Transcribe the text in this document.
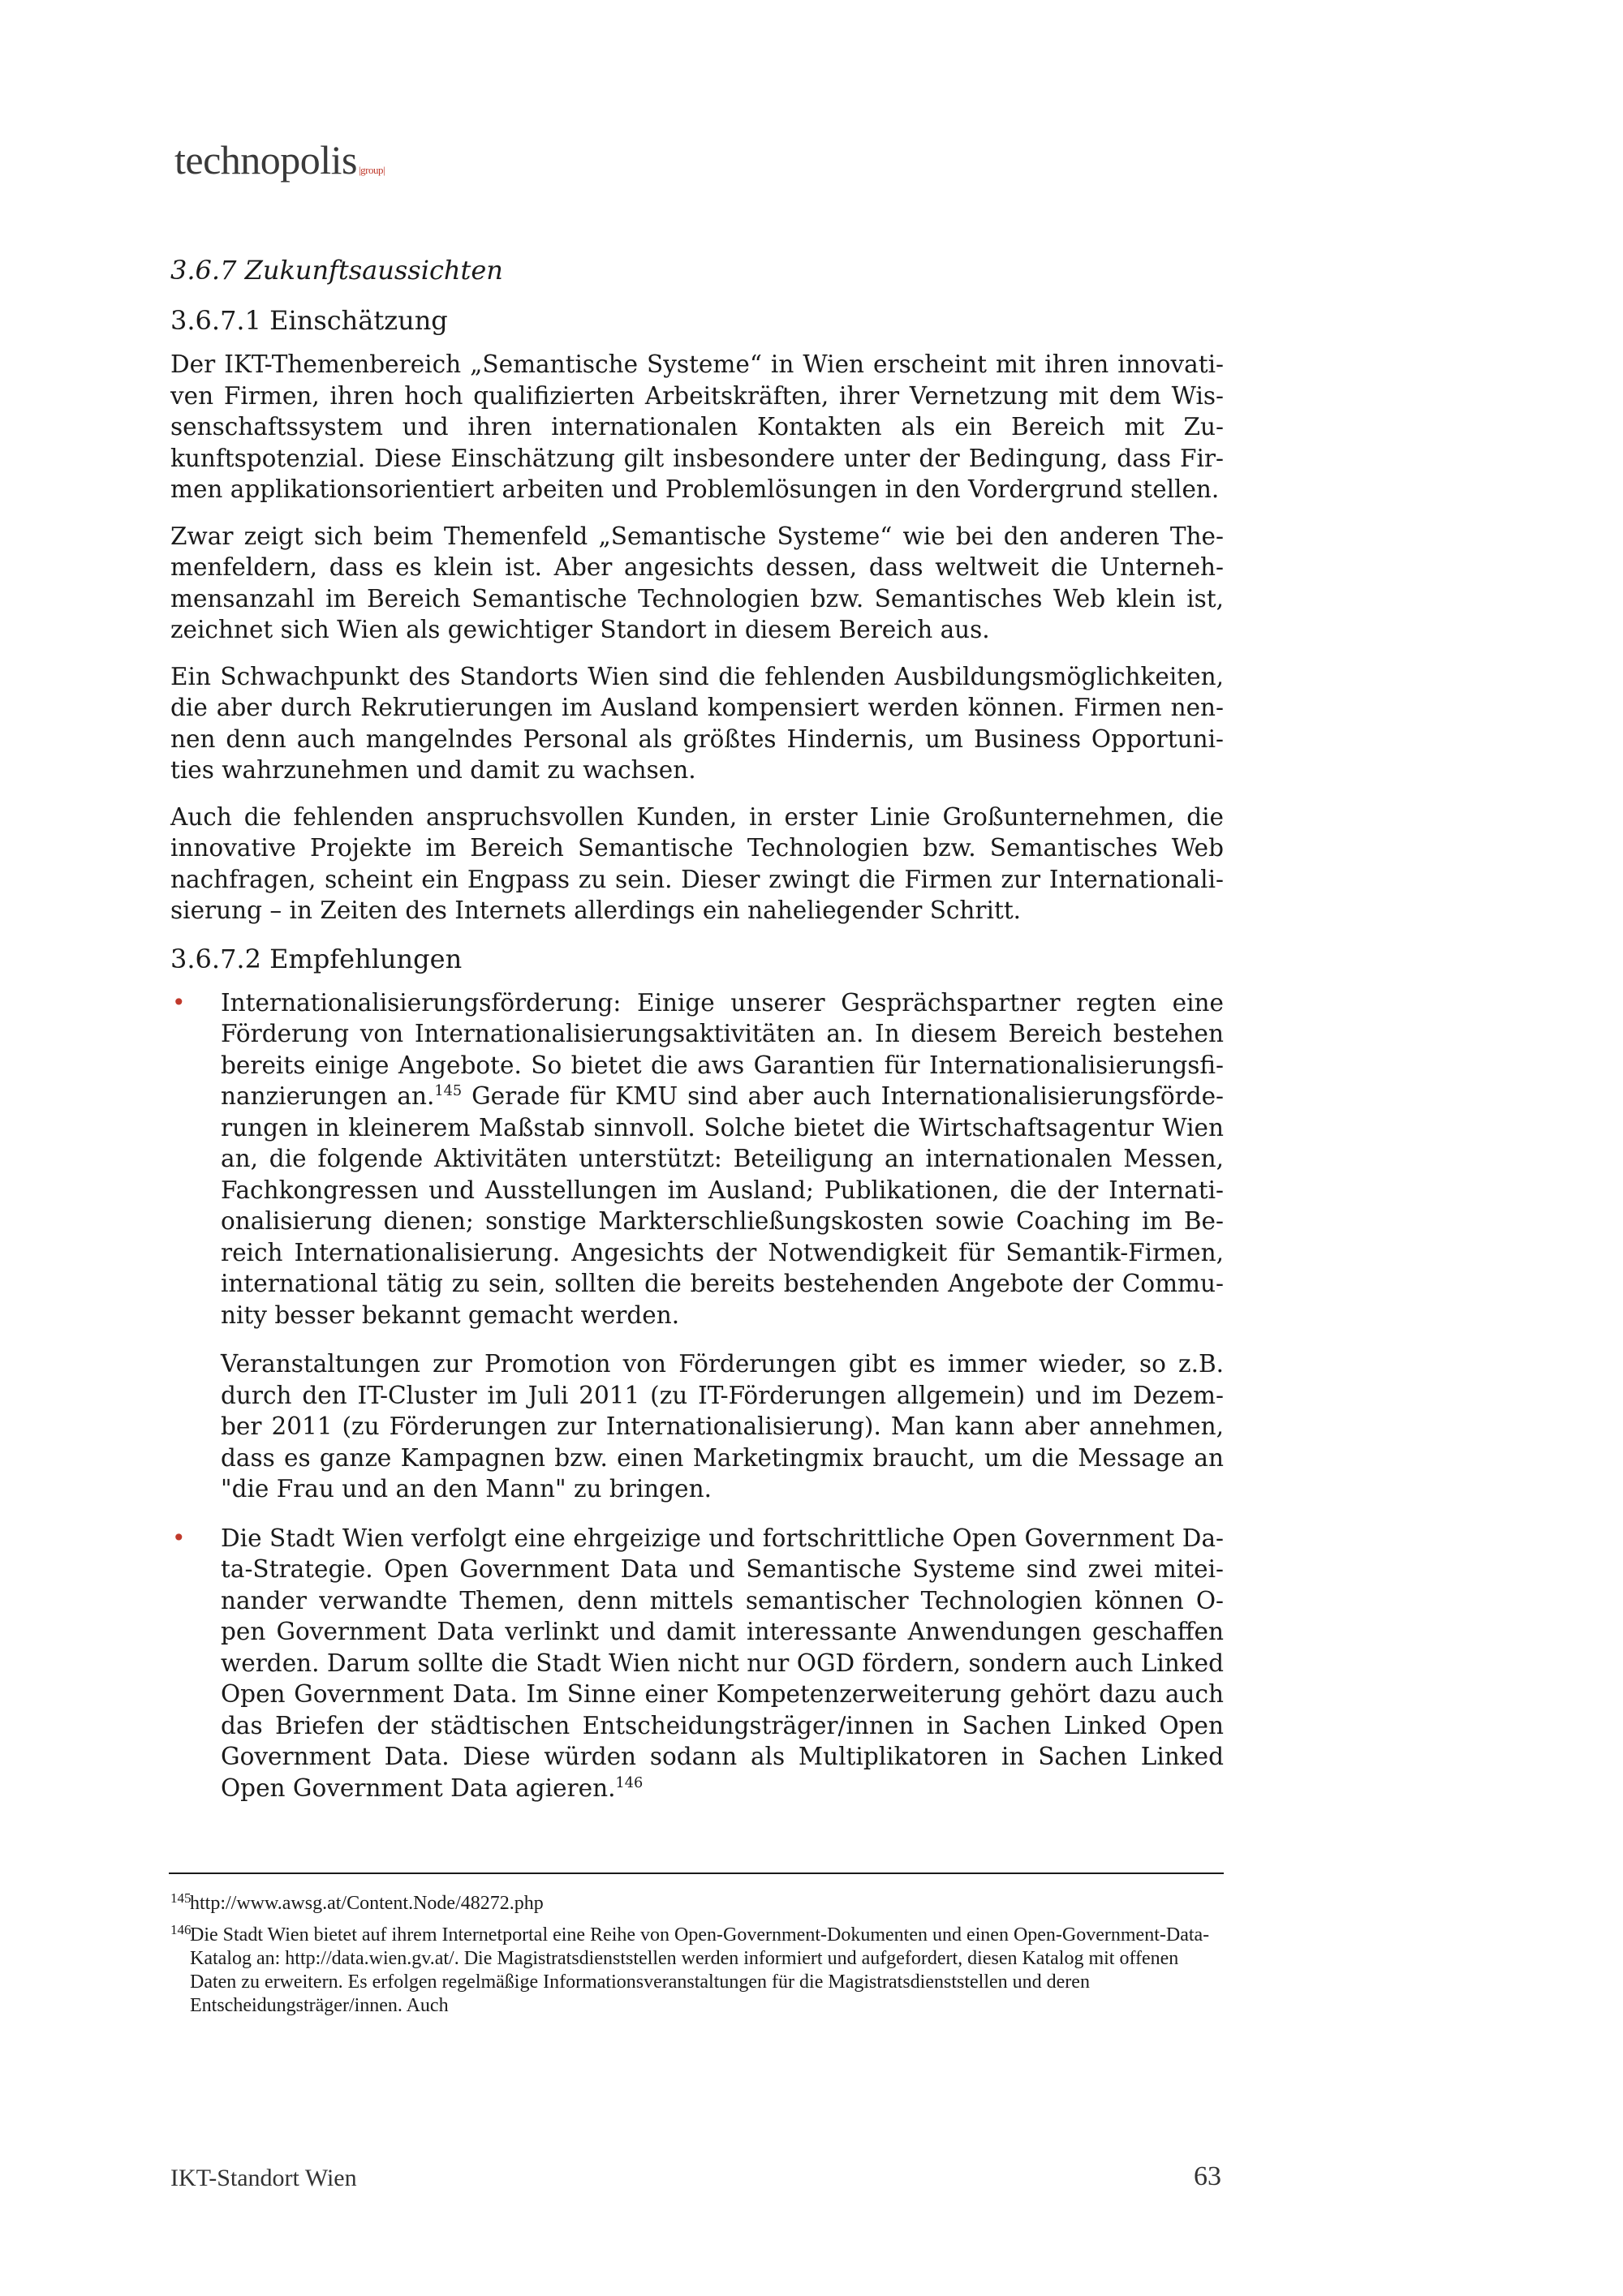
technopolis |group|
3.6.7 Zukunftsaussichten
3.6.7.1 Einschätzung

Der IKT-Themenbereich „Semantische Systeme“ in Wien erscheint mit ihren innovativen Firmen, ihren hoch qualifizierten Arbeitskräften, ihrer Vernetzung mit dem Wissenschaftssystem und ihren internationalen Kontakten als ein Bereich mit Zukunftspotenzial. Diese Einschätzung gilt insbesondere unter der Bedingung, dass Firmen applikationsorientiert arbeiten und Problemlösungen in den Vordergrund stellen.

Zwar zeigt sich beim Themenfeld „Semantische Systeme“ wie bei den anderen Themenfeldern, dass es klein ist. Aber angesichts dessen, dass weltweit die Unternehmensanzahl im Bereich Semantische Technologien bzw. Semantisches Web klein ist, zeichnet sich Wien als gewichtiger Standort in diesem Bereich aus.

Ein Schwachpunkt des Standorts Wien sind die fehlenden Ausbildungsmöglichkeiten, die aber durch Rekrutierungen im Ausland kompensiert werden können. Firmen nennen denn auch mangelndes Personal als größtes Hindernis, um Business Opportunities wahrzunehmen und damit zu wachsen.

Auch die fehlenden anspruchsvollen Kunden, in erster Linie Großunternehmen, die innovative Projekte im Bereich Semantische Technologien bzw. Semantisches Web nachfragen, scheint ein Engpass zu sein. Dieser zwingt die Firmen zur Internationalisierung – in Zeiten des Internets allerdings ein naheliegender Schritt.

3.6.7.2 Empfehlungen
• Internationalisierungsförderung: Einige unserer Gesprächspartner regten eine Förderung von Internationalisierungsaktivitäten an. In diesem Bereich bestehen bereits einige Angebote. So bietet die aws Garantien für Internationalisierungsfinanzierungen an.$^{145}$ Gerade für KMU sind aber auch Internationalisierungsförderungen in kleinerem Maßstab sinnvoll. Solche bietet die Wirtschaftsagentur Wien an, die folgende Aktivitäten unterstützt: Beteiligung an internationalen Messen, Fachkongressen und Ausstellungen im Ausland; Publikationen, die der Internationalisierung dienen; sonstige Markterschließungskosten sowie Coaching im Bereich Internationalisierung. Angesichts der Notwendigkeit für Semantik-Firmen, international tätig zu sein, sollten die bereits bestehenden Angebote der Community besser bekannt gemacht werden.

Veranstaltungen zur Promotion von Förderungen gibt es immer wieder, so z.B. durch den IT-Cluster im Juli 2011 (zu IT-Förderungen allgemein) und im Dezember 2011 (zu Förderungen zur Internationalisierung). Man kann aber annehmen, dass es ganze Kampagnen bzw. einen Marketingmix braucht, um die Message an "die Frau und an den Mann" zu bringen.

• Die Stadt Wien verfolgt eine ehrgeizige und fortschrittliche Open Government Data-Strategie. Open Government Data und Semantische Systeme sind zwei miteinander verwandte Themen, denn mittels semantischer Technologien können Open Government Data verlinkt und damit interessante Anwendungen geschaffen werden. Darum sollte die Stadt Wien nicht nur OGD fördern, sondern auch Linked Open Government Data. Im Sinne einer Kompetenzerweiterung gehört dazu auch das Briefen der städtischen Entscheidungsträger/innen in Sachen Linked Open Government Data. Diese würden sodann als Multiplikatoren in Sachen Linked Open Government Data agieren.$^{146}$

145
http://www.awsg.at/Content.Node/48272.php
146
Die Stadt Wien bietet auf ihrem Internetportal eine Reihe von Open-Government-Dokumenten und einen Open-Government-Data-Katalog an: http://data.wien.gv.at/. Die Magistratsdienststellen werden informiert und aufgefordert, diesen Katalog mit offenen Daten zu erweitern. Es erfolgen regelmäßige Informationsveranstaltungen für die Magistratsdienststellen und deren Entscheidungsträger/innen. Auch
IKT-Standort Wien	63
